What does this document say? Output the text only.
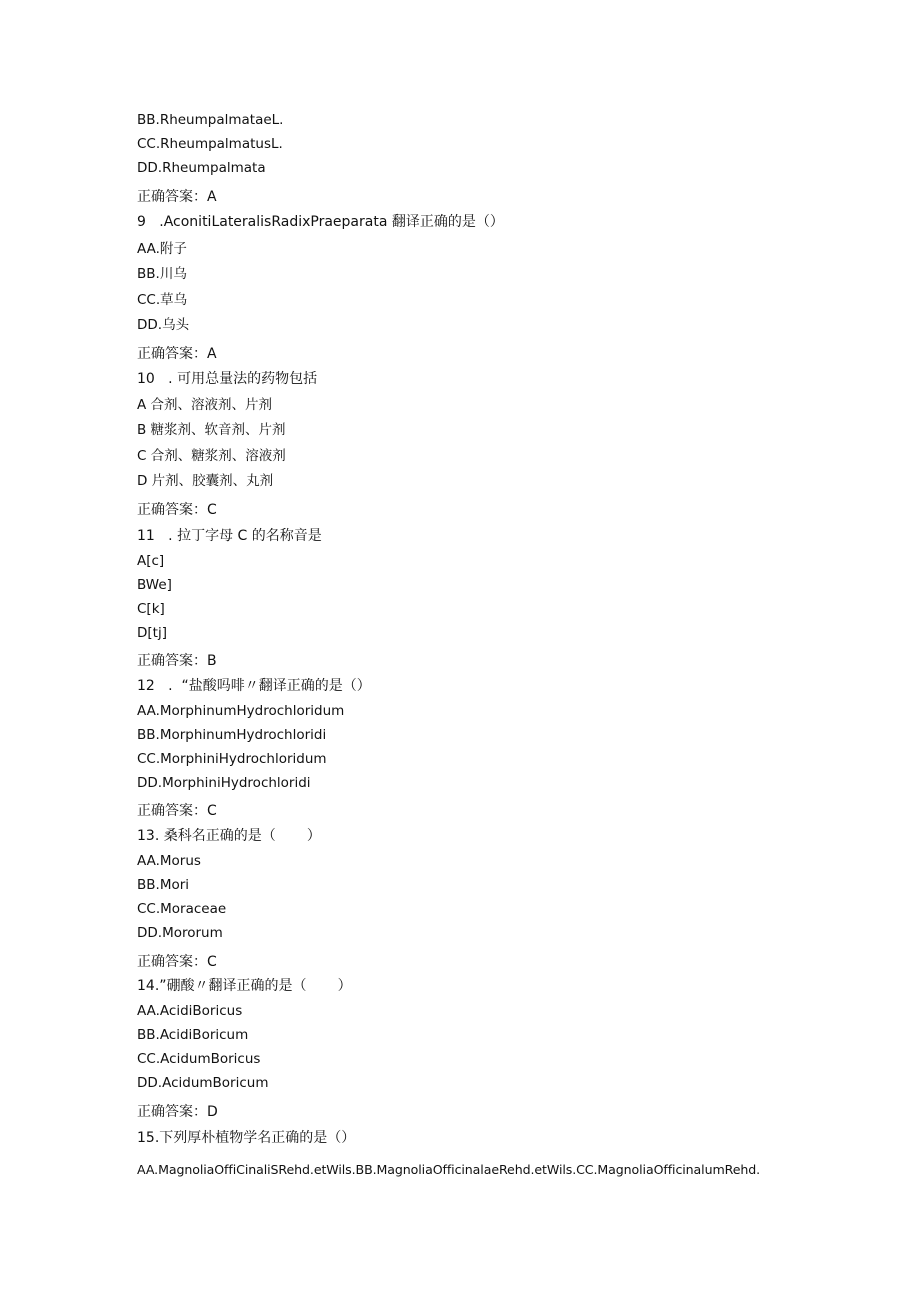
BB.RheumpalmataeL.
CC.RheumpalmatusL.
DD.Rheumpalmata
正确答案：A
9   .AconitiLateralisRadixPraeparata 翻译正确的是（）
AA.附子
BB.川乌
CC.草乌
DD.乌头
正确答案：A
10   . 可用总量法的药物包括
A 合剂、溶液剂、片剂
B 糖浆剂、软音剂、片剂
C 合剂、糖浆剂、溶液剂
D 片剂、胶囊剂、丸剂
正确答案：C
11   . 拉丁字母 C 的名称音是
A[c]
BWe]
C[k]
D[tj]
正确答案：B
12   .  “盐酸吗啡〃翻译正确的是（）
AA.MorphinumHydrochloridum
BB.MorphinumHydrochloridi
CC.MorphiniHydrochloridum
DD.MorphiniHydrochloridi
正确答案：C
13. 桑科名正确的是（       ）
AA.Morus
BB.Mori
CC.Moraceae
DD.Mororum
正确答案：C
14.”硼酸〃翻译正确的是（       ）
AA.AcidiBoricus
BB.AcidiBoricum
CC.AcidumBoricus
DD.AcidumBoricum
正确答案：D
15.下列厚朴植物学名正确的是（）
AA.MagnoliaOffiCinaliSRehd.etWils.BB.MagnoliaOfficinalaeRehd.etWils.CC.MagnoliaOfficinalumRehd.
